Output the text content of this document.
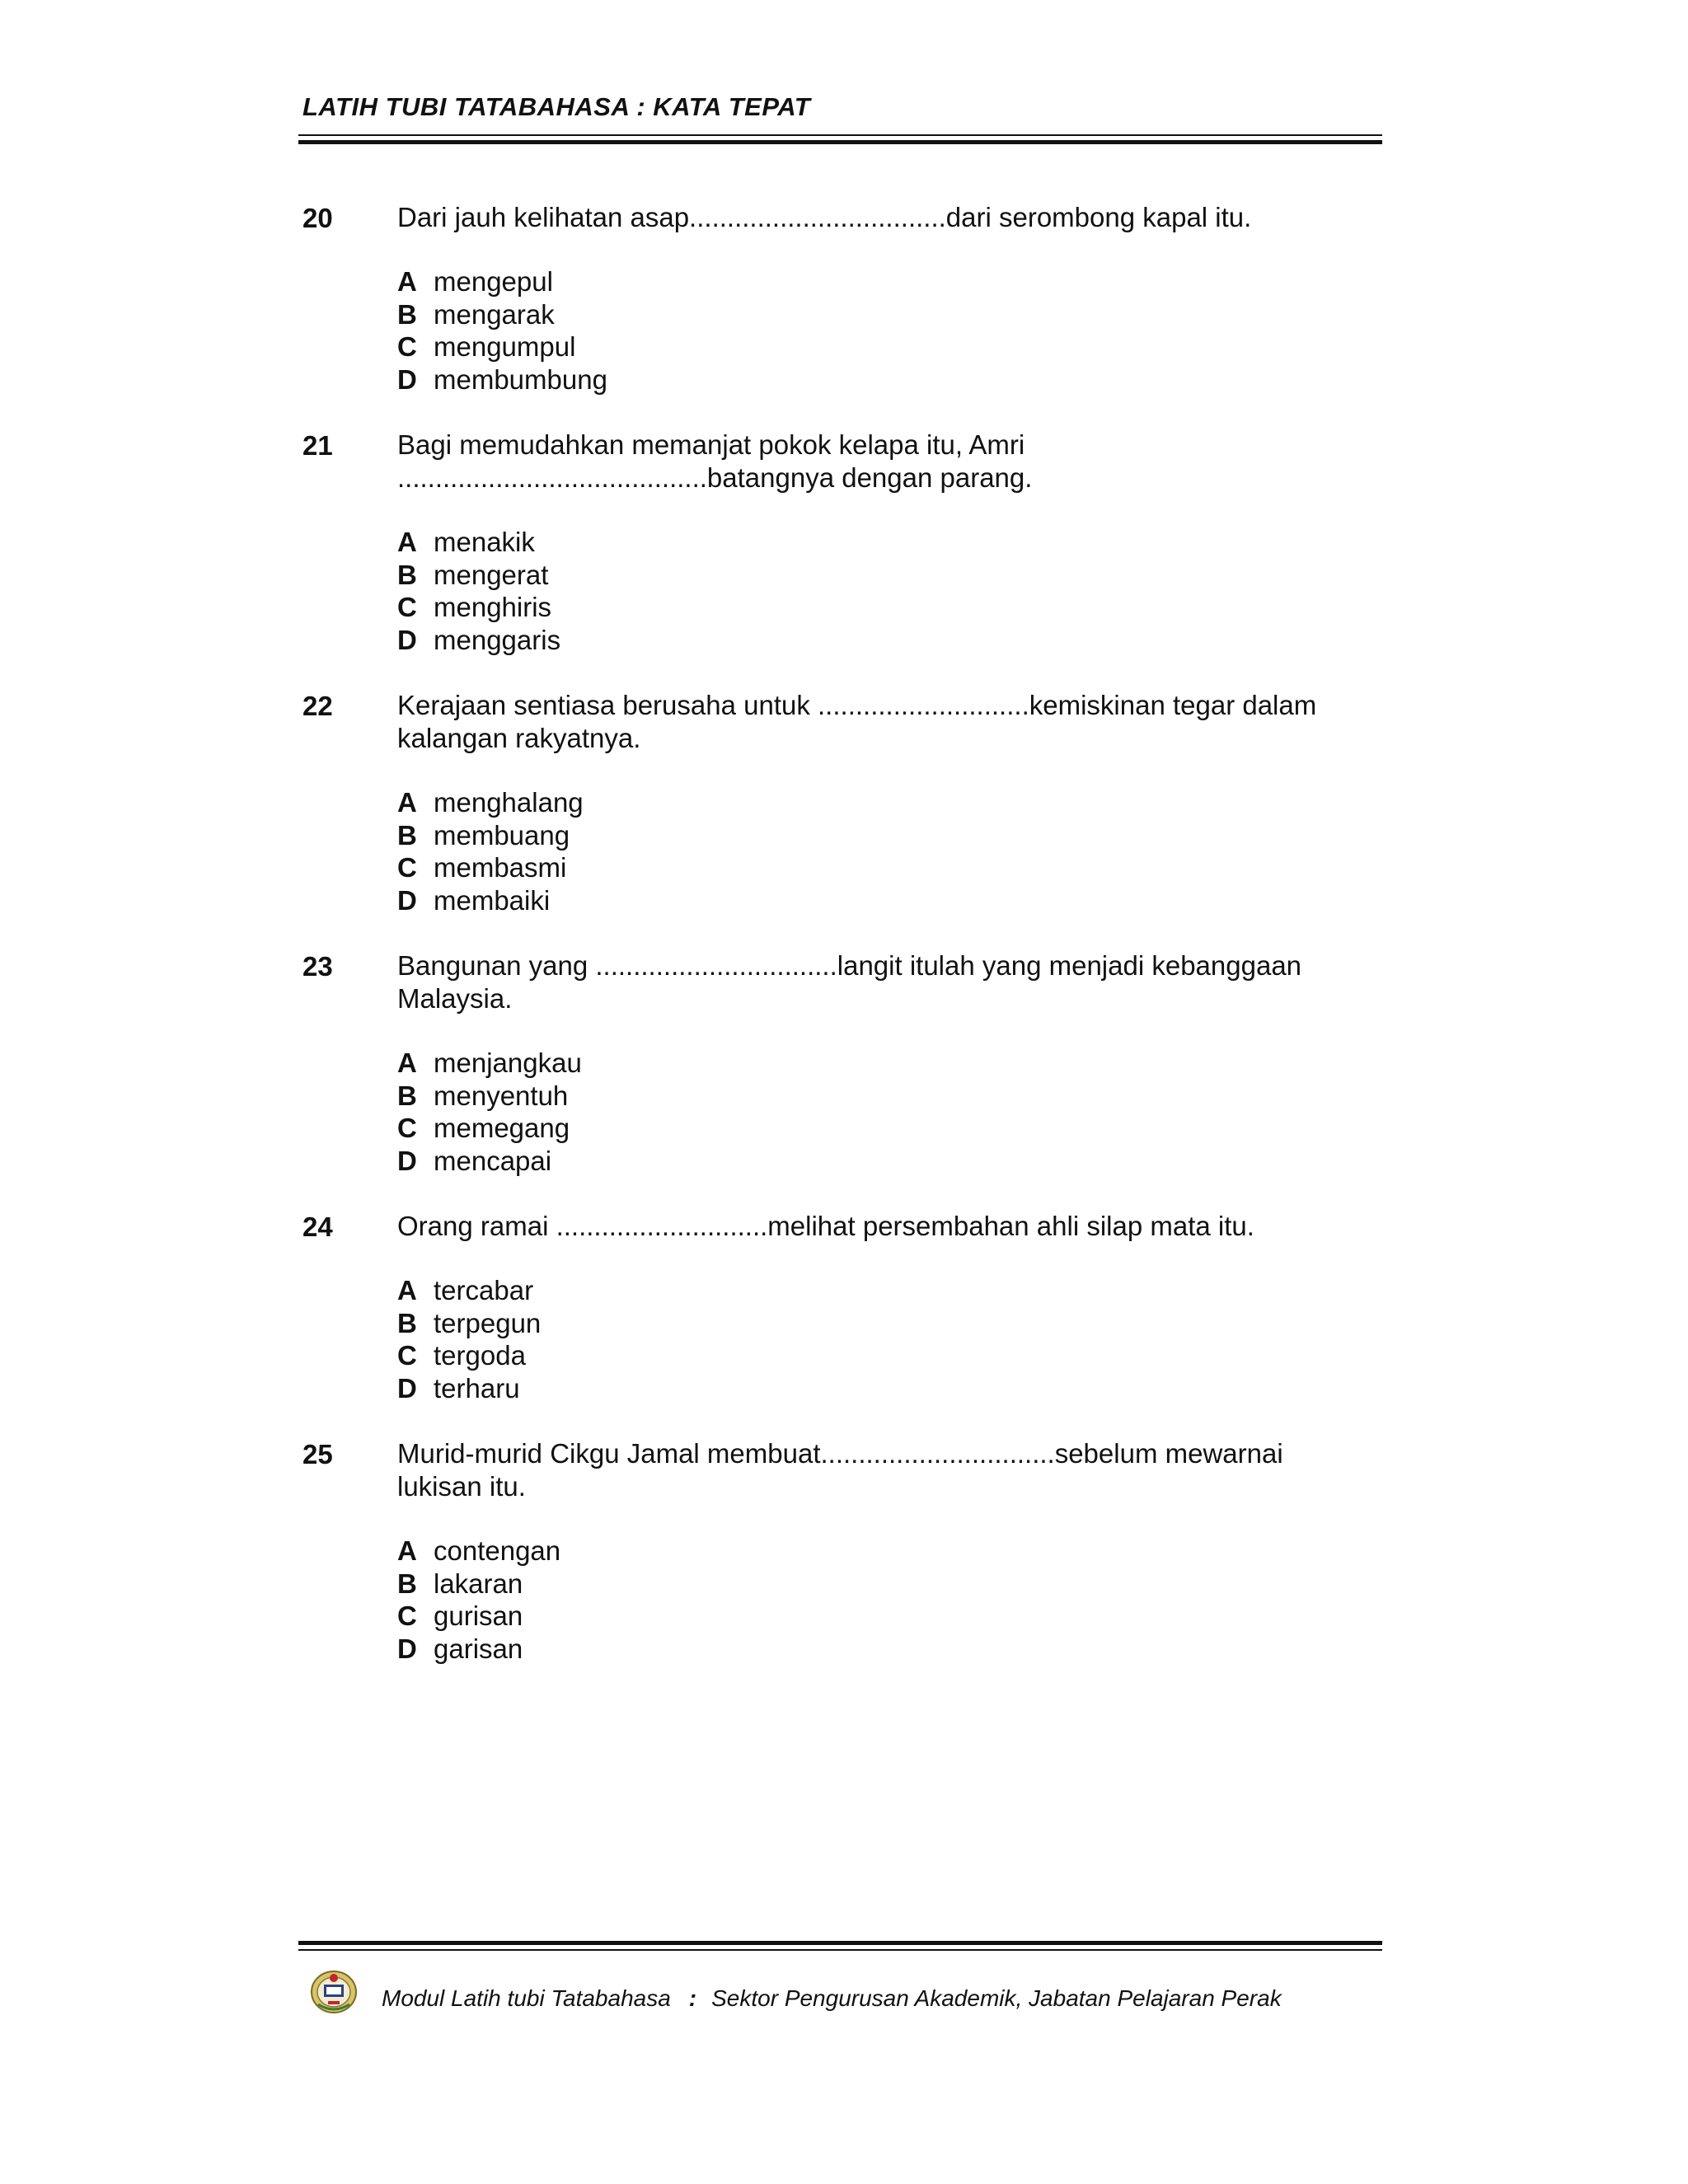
LATIH TUBI TATABAHASA : KATA TEPAT
20	Dari jauh kelihatan asap..................................dari serombong kapal itu.

A mengepul
B mengarak
C mengumpul
D membumbung
21	Bagi memudahkan memanjat pokok kelapa itu, Amri
.........................................batangnya dengan parang.

A menakik
B mengerat
C menghiris
D menggaris
22	Kerajaan sentiasa berusaha untuk ............................kemiskinan tegar dalam
kalangan rakyatnya.

A menghalang
B membuang
C membasmi
D membaiki
23	Bangunan yang ................................langit itulah yang menjadi kebanggaan
Malaysia.

A menjangkau
B menyentuh
C memegang
D mencapai
24	Orang ramai ............................melihat persembahan ahli silap mata itu.

A tercabar
B terpegun
C tergoda
D terharu
25	Murid-murid Cikgu Jamal membuat...............................sebelum mewarnai
lukisan itu.

A contengan
B lakaran
C gurisan
D garisan
Modul Latih tubi Tatabahasa : Sektor Pengurusan Akademik, Jabatan Pelajaran Perak
